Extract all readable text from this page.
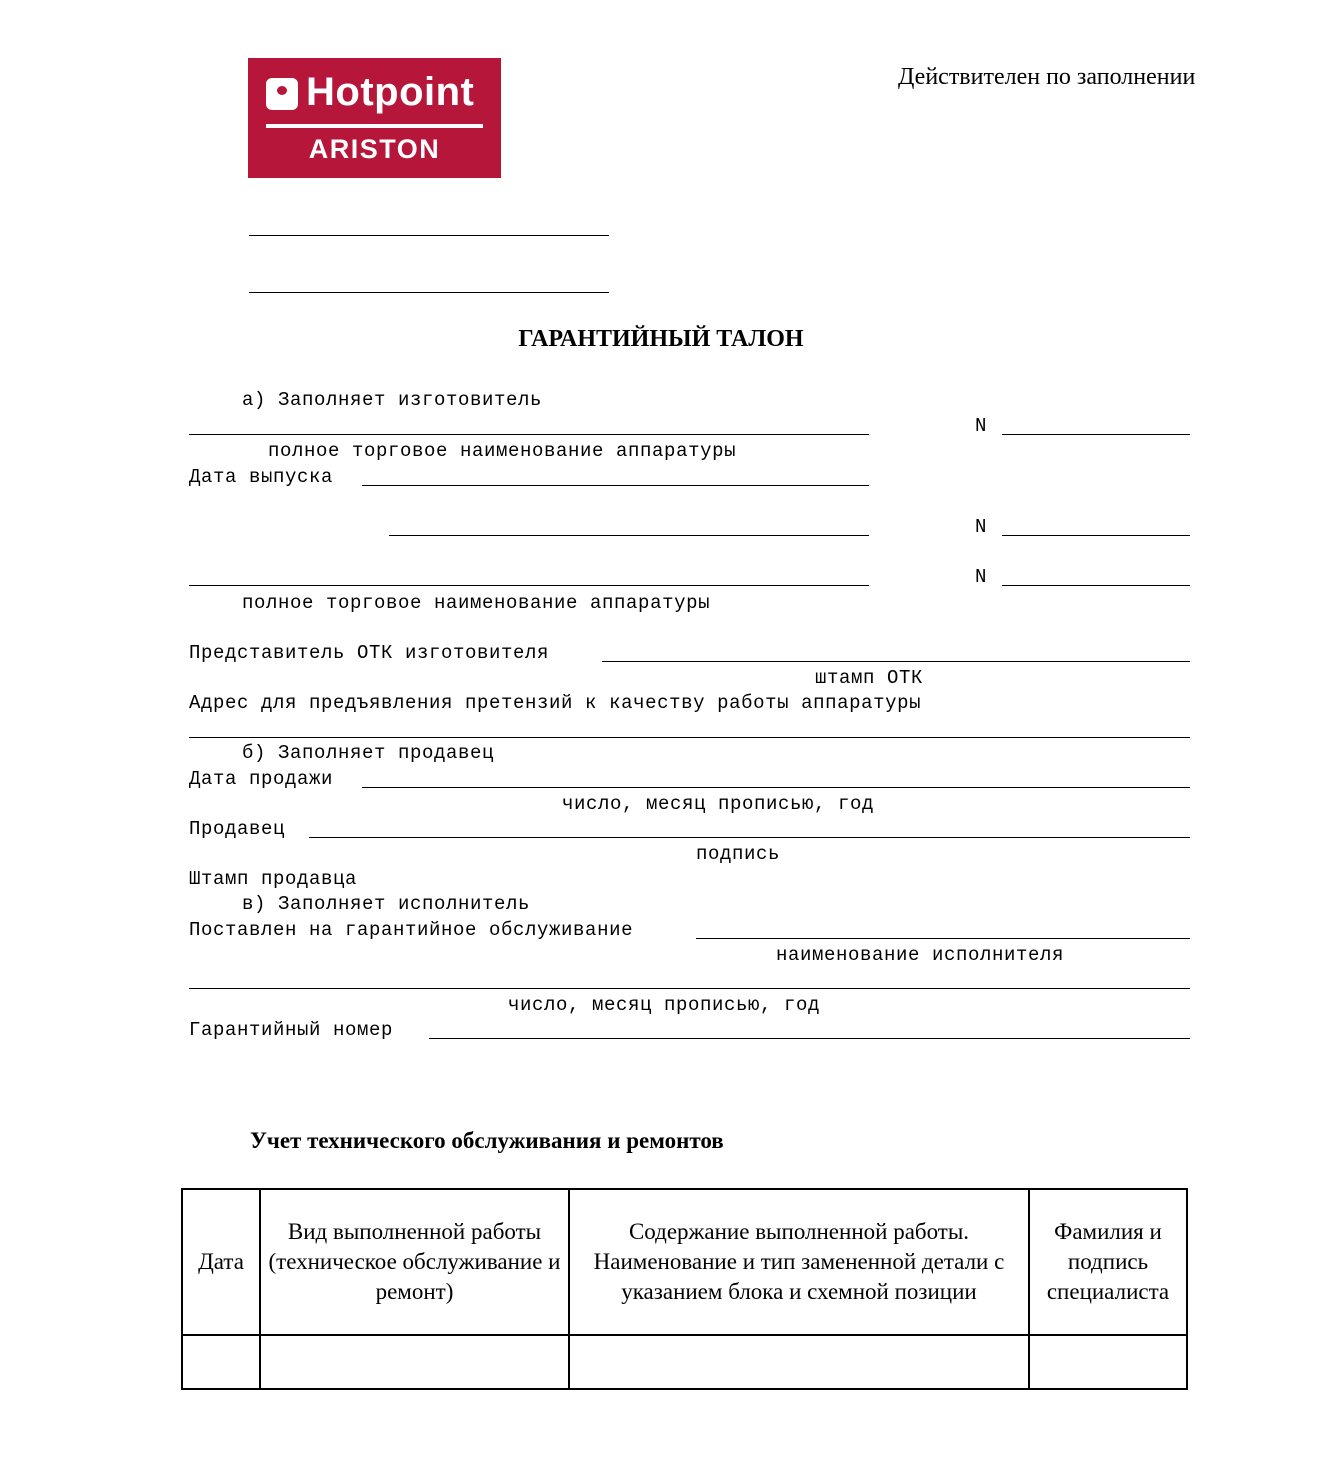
Hotpoint
ARISTON
Действителен по заполнении
ГАРАНТИЙНЫЙ ТАЛОН
а) Заполняет изготовитель
N
полное торговое наименование аппаратуры
Дата выпуска
N
N
полное торговое наименование аппаратуры
Представитель ОТК изготовителя
штамп ОТК
Адрес для предъявления претензий к качеству работы аппаратуры
б) Заполняет продавец
Дата продажи
число, месяц прописью, год
Продавец
подпись
Штамп продавца
в) Заполняет исполнитель
Поставлен на гарантийное обслуживание
наименование исполнителя
число, месяц прописью, год
Гарантийный номер
Учет технического обслуживания и ремонтов
Дата	Вид выполненной работы (техническое обслуживание и ремонт)	Содержание выполненной работы. Наименование и тип замененной детали с указанием блока и схемной позиции	Фамилия и подпись специалиста
